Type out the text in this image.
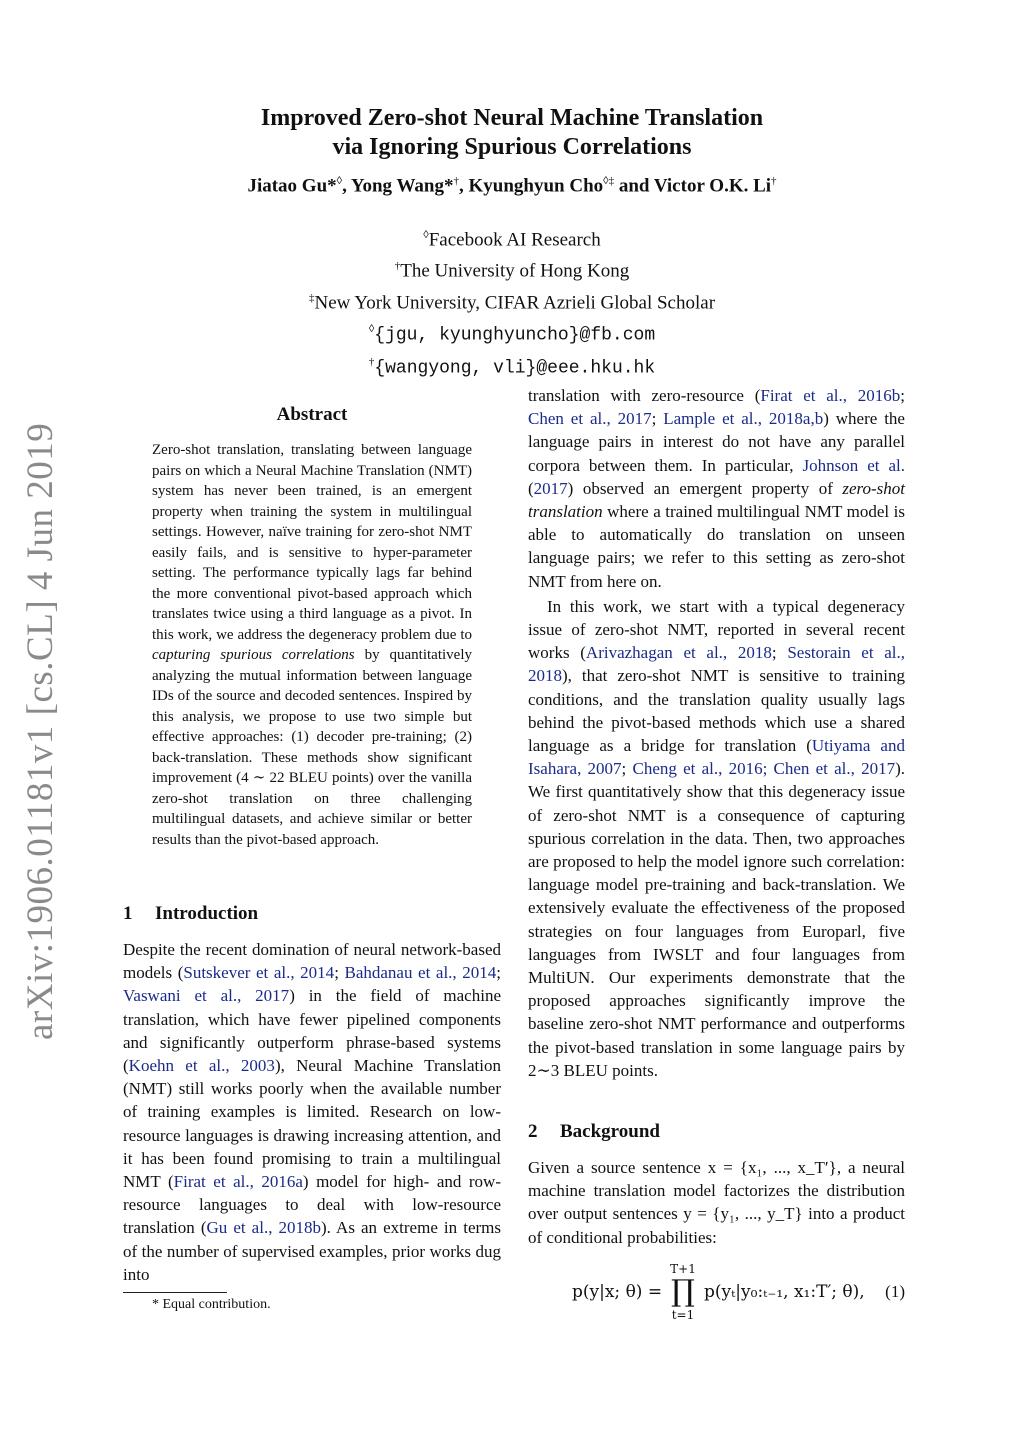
Improved Zero-shot Neural Machine Translation
via Ignoring Spurious Correlations
Jiatao Gu*◊, Yong Wang*†, Kyunghyun Cho◊‡ and Victor O.K. Li†
◊Facebook AI Research
†The University of Hong Kong
‡New York University, CIFAR Azrieli Global Scholar
◊{jgu, kyunghyuncho}@fb.com
†{wangyong, vli}@eee.hku.hk
arXiv:1906.01181v1 [cs.CL] 4 Jun 2019
Abstract
Zero-shot translation, translating between language pairs on which a Neural Machine Translation (NMT) system has never been trained, is an emergent property when training the system in multilingual settings. However, naïve training for zero-shot NMT easily fails, and is sensitive to hyper-parameter setting. The performance typically lags far behind the more conventional pivot-based approach which translates twice using a third language as a pivot. In this work, we address the degeneracy problem due to capturing spurious correlations by quantitatively analyzing the mutual information between language IDs of the source and decoded sentences. Inspired by this analysis, we propose to use two simple but effective approaches: (1) decoder pre-training; (2) back-translation. These methods show significant improvement (4 ∼ 22 BLEU points) over the vanilla zero-shot translation on three challenging multilingual datasets, and achieve similar or better results than the pivot-based approach.
1 Introduction

Despite the recent domination of neural network-based models (Sutskever et al., 2014; Bahdanau et al., 2014; Vaswani et al., 2017) in the field of machine translation, which have fewer pipelined components and significantly outperform phrase-based systems (Koehn et al., 2003), Neural Machine Translation (NMT) still works poorly when the available number of training examples is limited. Research on low-resource languages is drawing increasing attention, and it has been found promising to train a multilingual NMT (Firat et al., 2016a) model for high- and row-resource languages to deal with low-resource translation (Gu et al., 2018b). As an extreme in terms of the number of supervised examples, prior works dug into

* Equal contribution.

translation with zero-resource (Firat et al., 2016b; Chen et al., 2017; Lample et al., 2018a,b) where the language pairs in interest do not have any parallel corpora between them. In particular, Johnson et al. (2017) observed an emergent property of zero-shot translation where a trained multilingual NMT model is able to automatically do translation on unseen language pairs; we refer to this setting as zero-shot NMT from here on.

In this work, we start with a typical degeneracy issue of zero-shot NMT, reported in several recent works (Arivazhagan et al., 2018; Sestorain et al., 2018), that zero-shot NMT is sensitive to training conditions, and the translation quality usually lags behind the pivot-based methods which use a shared language as a bridge for translation (Utiyama and Isahara, 2007; Cheng et al., 2016; Chen et al., 2017). We first quantitatively show that this degeneracy issue of zero-shot NMT is a consequence of capturing spurious correlation in the data. Then, two approaches are proposed to help the model ignore such correlation: language model pre-training and back-translation. We extensively evaluate the effectiveness of the proposed strategies on four languages from Europarl, five languages from IWSLT and four languages from MultiUN. Our experiments demonstrate that the proposed approaches significantly improve the baseline zero-shot NMT performance and outperforms the pivot-based translation in some language pairs by 2∼3 BLEU points.

2 Background

Given a source sentence x = {x₁, ..., x_T′}, a neural machine translation model factorizes the distribution over output sentences y = {y₁, ..., y_T} into a product of conditional probabilities:

p(y|x; θ) =
T+1
∏
t=1
p(yₜ|y₀:ₜ₋₁, x₁:T′; θ), (1)
